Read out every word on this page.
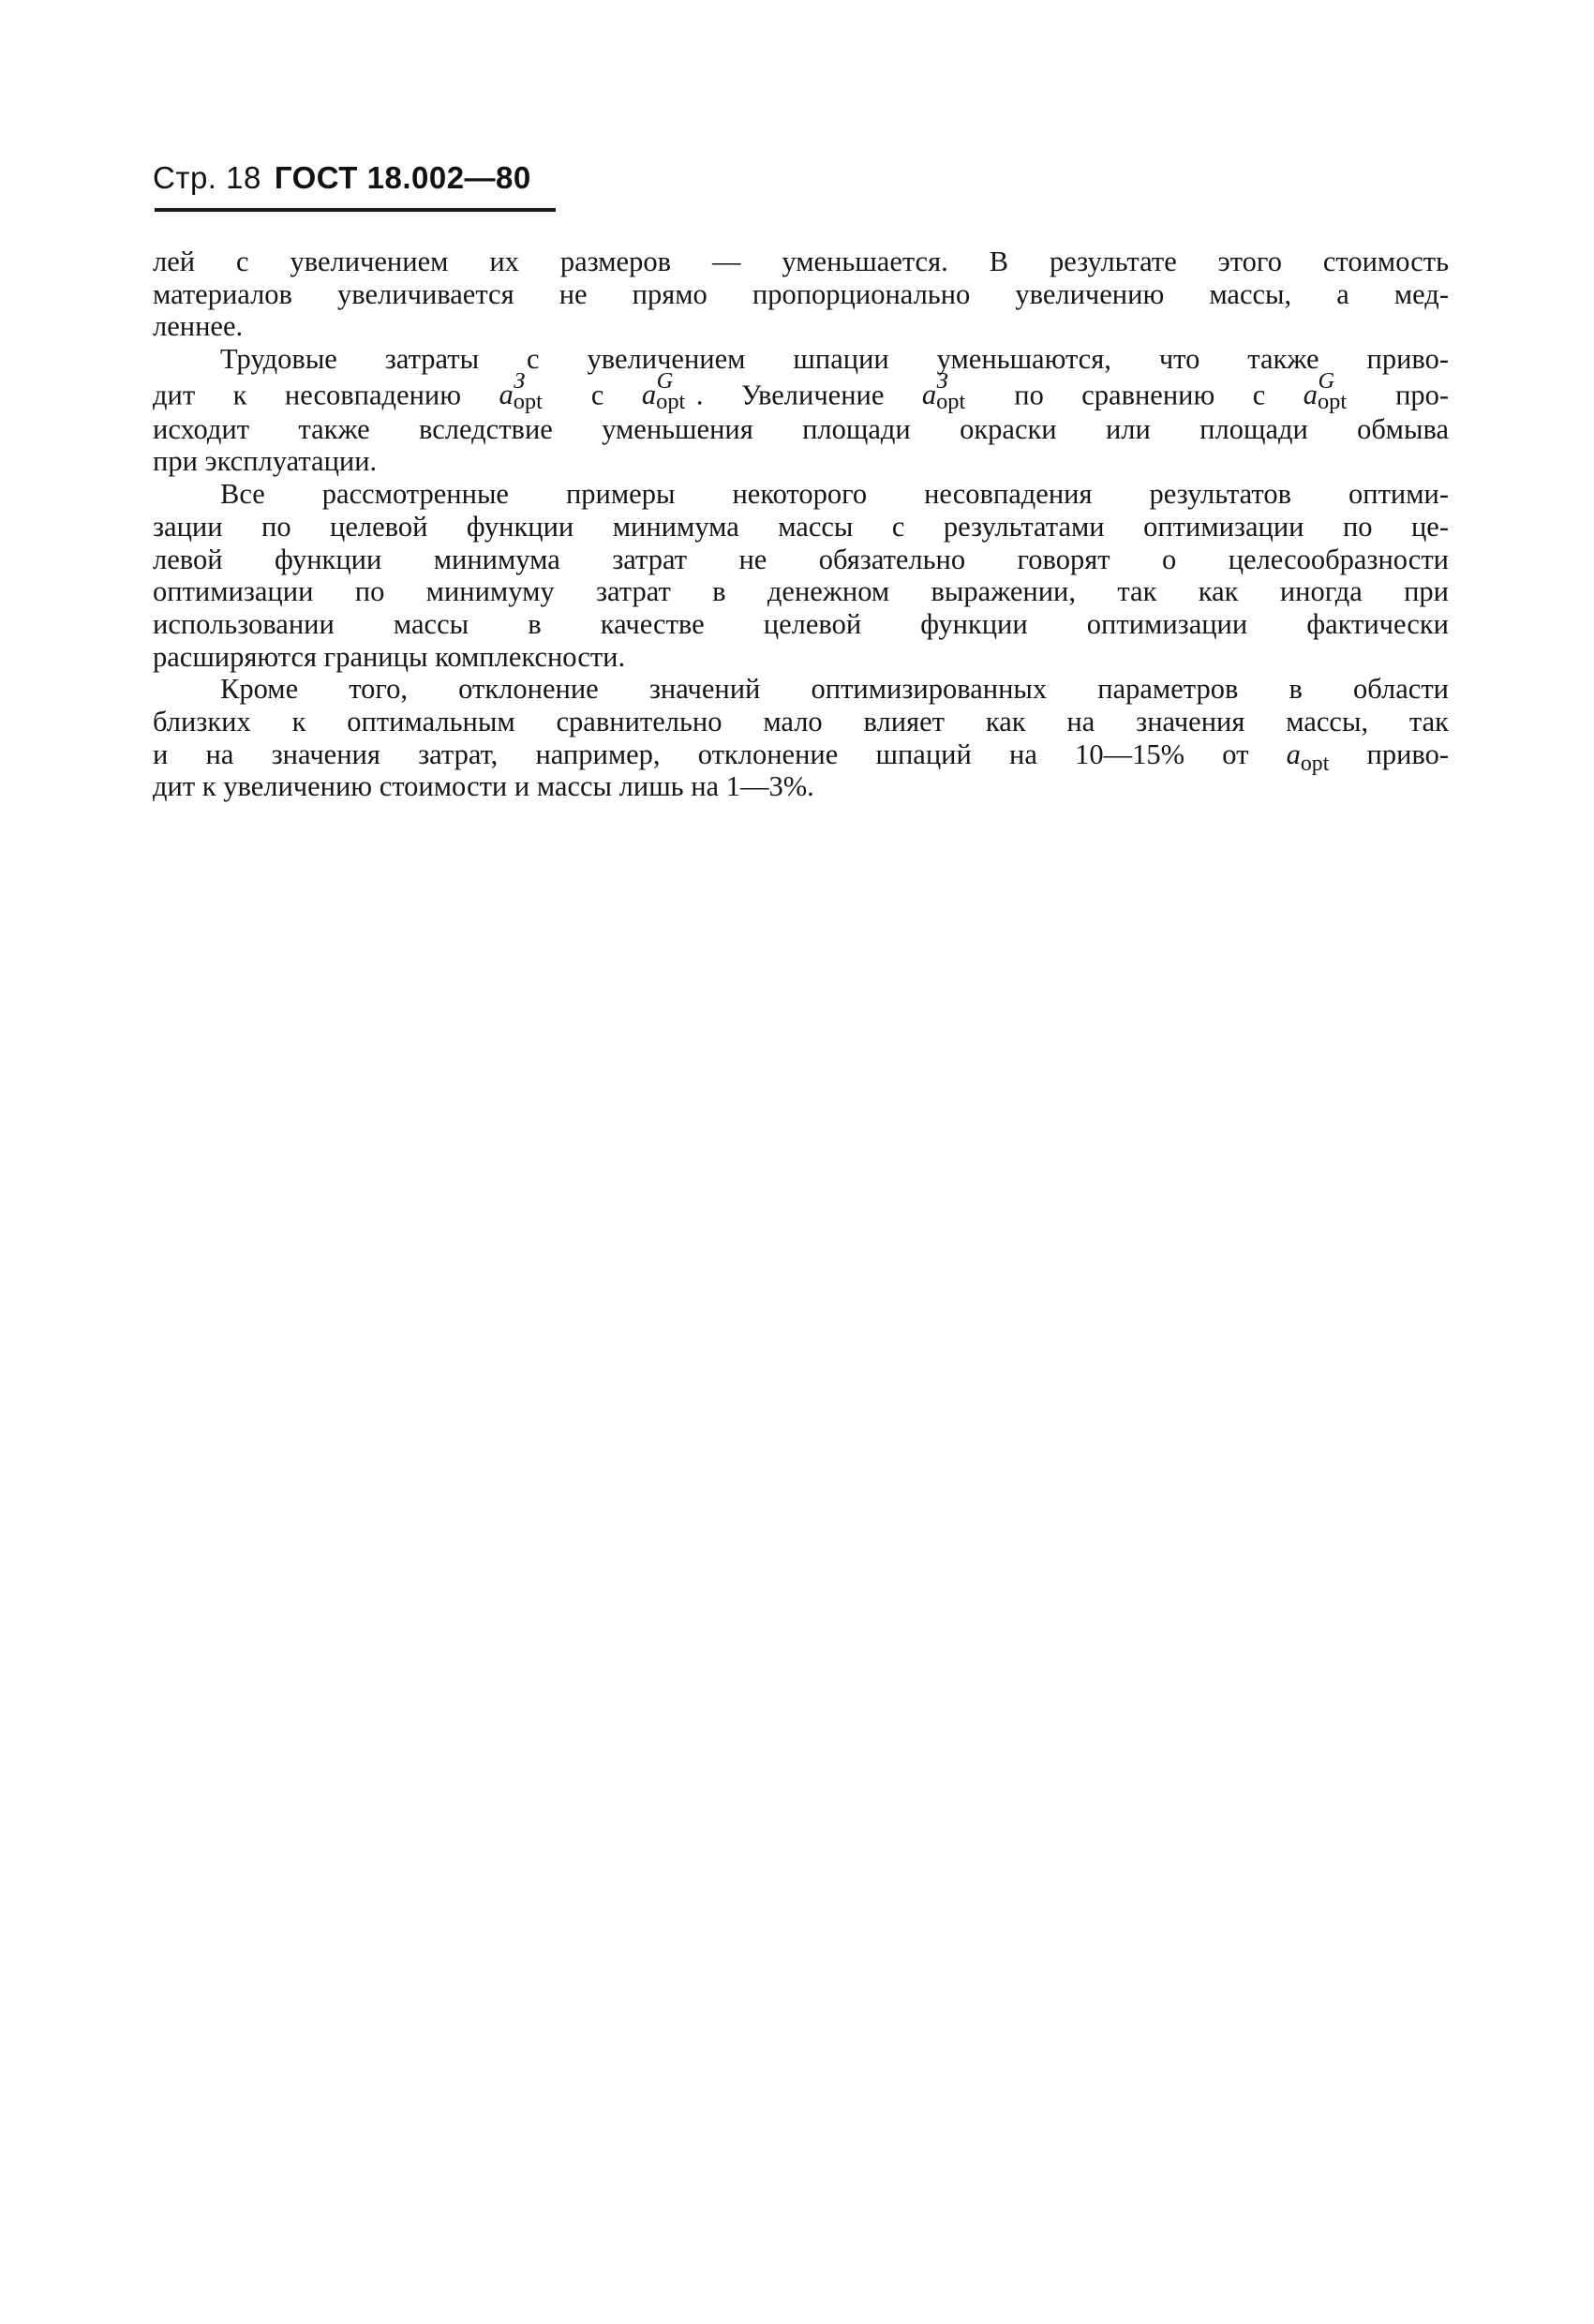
Стр. 18 ГОСТ 18.002—80
лей с увеличением их размеров — уменьшается. В результате этого стоимость
материалов увеличивается не прямо пропорционально увеличению массы, а мед-
леннее.
Трудовые затраты с увеличением шпации уменьшаются, что также приво-
дит к несовпадению a З
opt с a G
opt . Увеличение a З
opt по сравнению с a G
opt про-
исходит также вследствие уменьшения площади окраски или площади обмыва
при эксплуатации.
Все рассмотренные примеры некоторого несовпадения результатов оптими-
зации по целевой функции минимума массы с результатами оптимизации по це-
левой функции минимума затрат не обязательно говорят о целесообразности
оптимизации по минимуму затрат в денежном выражении, так как иногда при
использовании массы в качестве целевой функции оптимизации фактически
расширяются границы комплексности.
Кроме того, отклонение значений оптимизированных параметров в области
близких к оптимальным сравнительно мало влияет как на значения массы, так
и на значения затрат, например, отклонение шпаций на 10—15% от $a_{opt}$ приво-
дит к увеличению стоимости и массы лишь на 1—3%.
